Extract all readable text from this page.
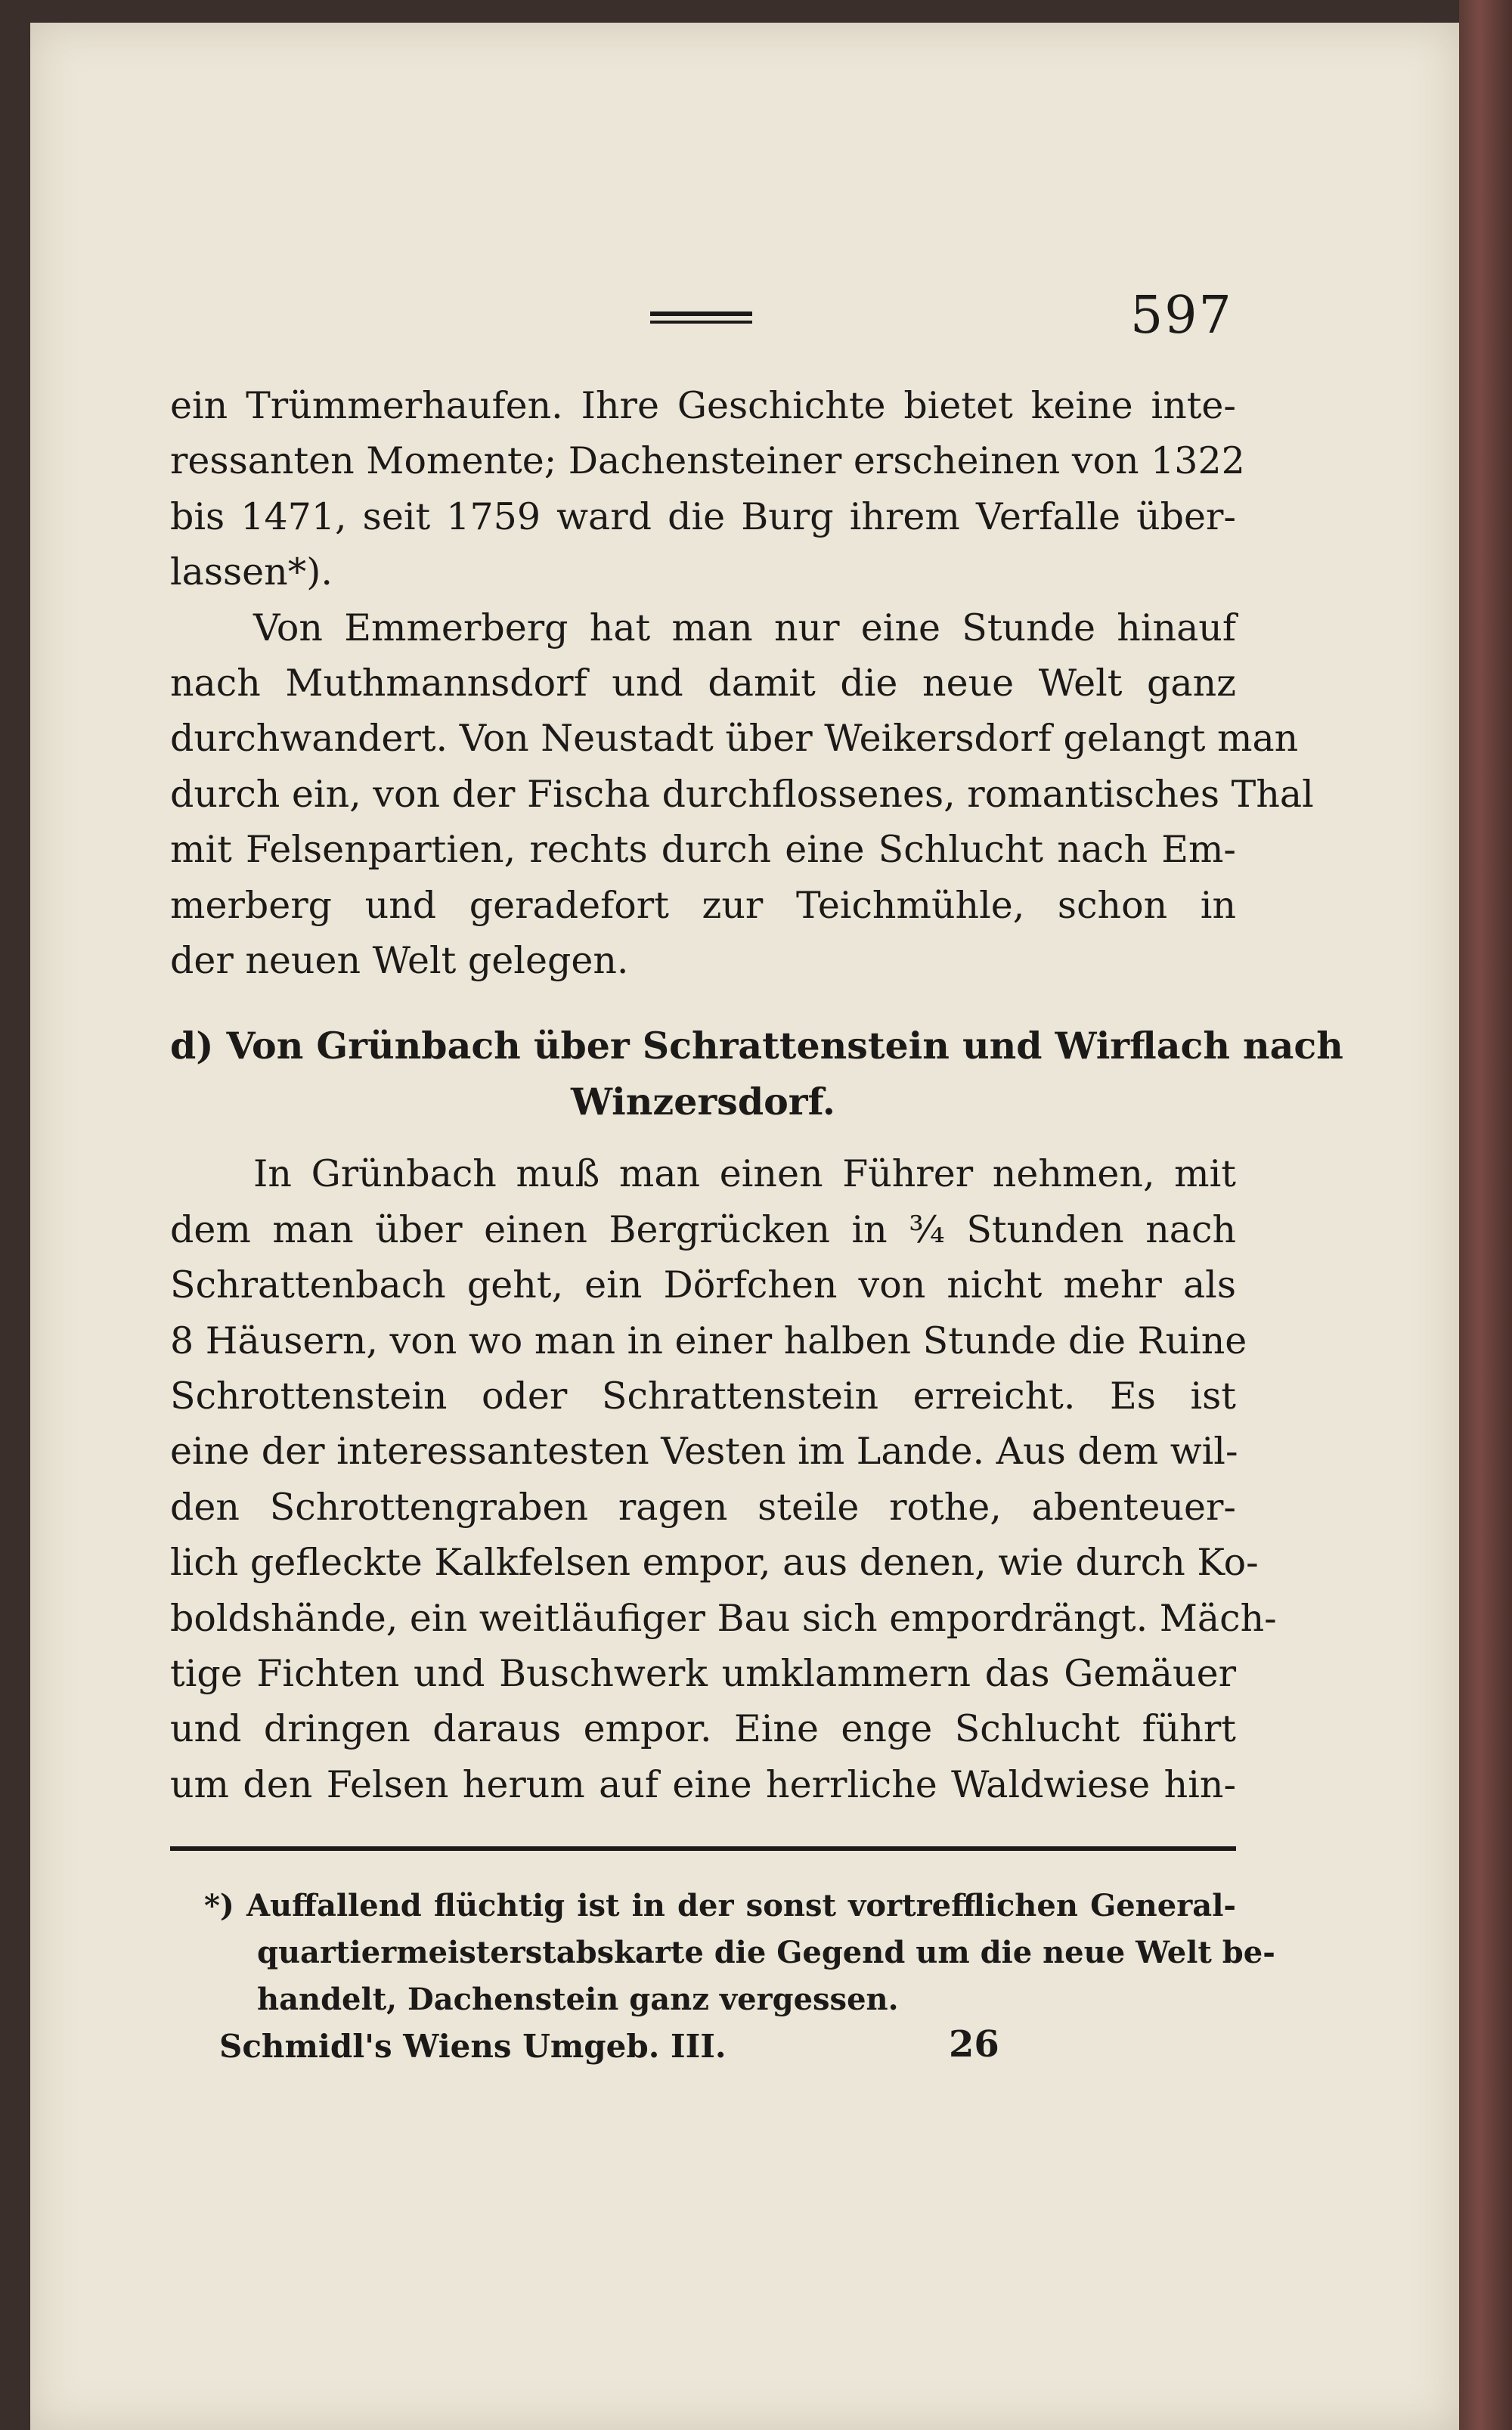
597
ein Trümmerhaufen. Ihre Geschichte bietet keine inte-
ressanten Momente; Dachensteiner erscheinen von 1322
bis 1471, seit 1759 ward die Burg ihrem Verfalle über-
lassen*).
Von Emmerberg hat man nur eine Stunde hinauf
nach Muthmannsdorf und damit die neue Welt ganz
durchwandert. Von Neustadt über Weikersdorf gelangt man
durch ein, von der Fischa durchflossenes, romantisches Thal
mit Felsenpartien, rechts durch eine Schlucht nach Em-
merberg und geradefort zur Teichmühle, schon in
der neuen Welt gelegen.
d) Von Grünbach über Schrattenstein und Wirflach nach
Winzersdorf.
In Grünbach muß man einen Führer nehmen, mit
dem man über einen Bergrücken in ¾ Stunden nach
Schrattenbach geht, ein Dörfchen von nicht mehr als
8 Häusern, von wo man in einer halben Stunde die Ruine
Schrottenstein oder Schrattenstein erreicht. Es ist
eine der interessantesten Vesten im Lande. Aus dem wil-
den Schrottengraben ragen steile rothe, abenteuer-
lich gefleckte Kalkfelsen empor, aus denen, wie durch Ko-
boldshände, ein weitläufiger Bau sich empordrängt. Mäch-
tige Fichten und Buschwerk umklammern das Gemäuer
und dringen daraus empor. Eine enge Schlucht führt
um den Felsen herum auf eine herrliche Waldwiese hin-
*) Auffallend flüchtig ist in der sonst vortrefflichen General-
quartiermeisterstabskarte die Gegend um die neue Welt be-
handelt, Dachenstein ganz vergessen.
Schmidl's Wiens Umgeb. III.	26
